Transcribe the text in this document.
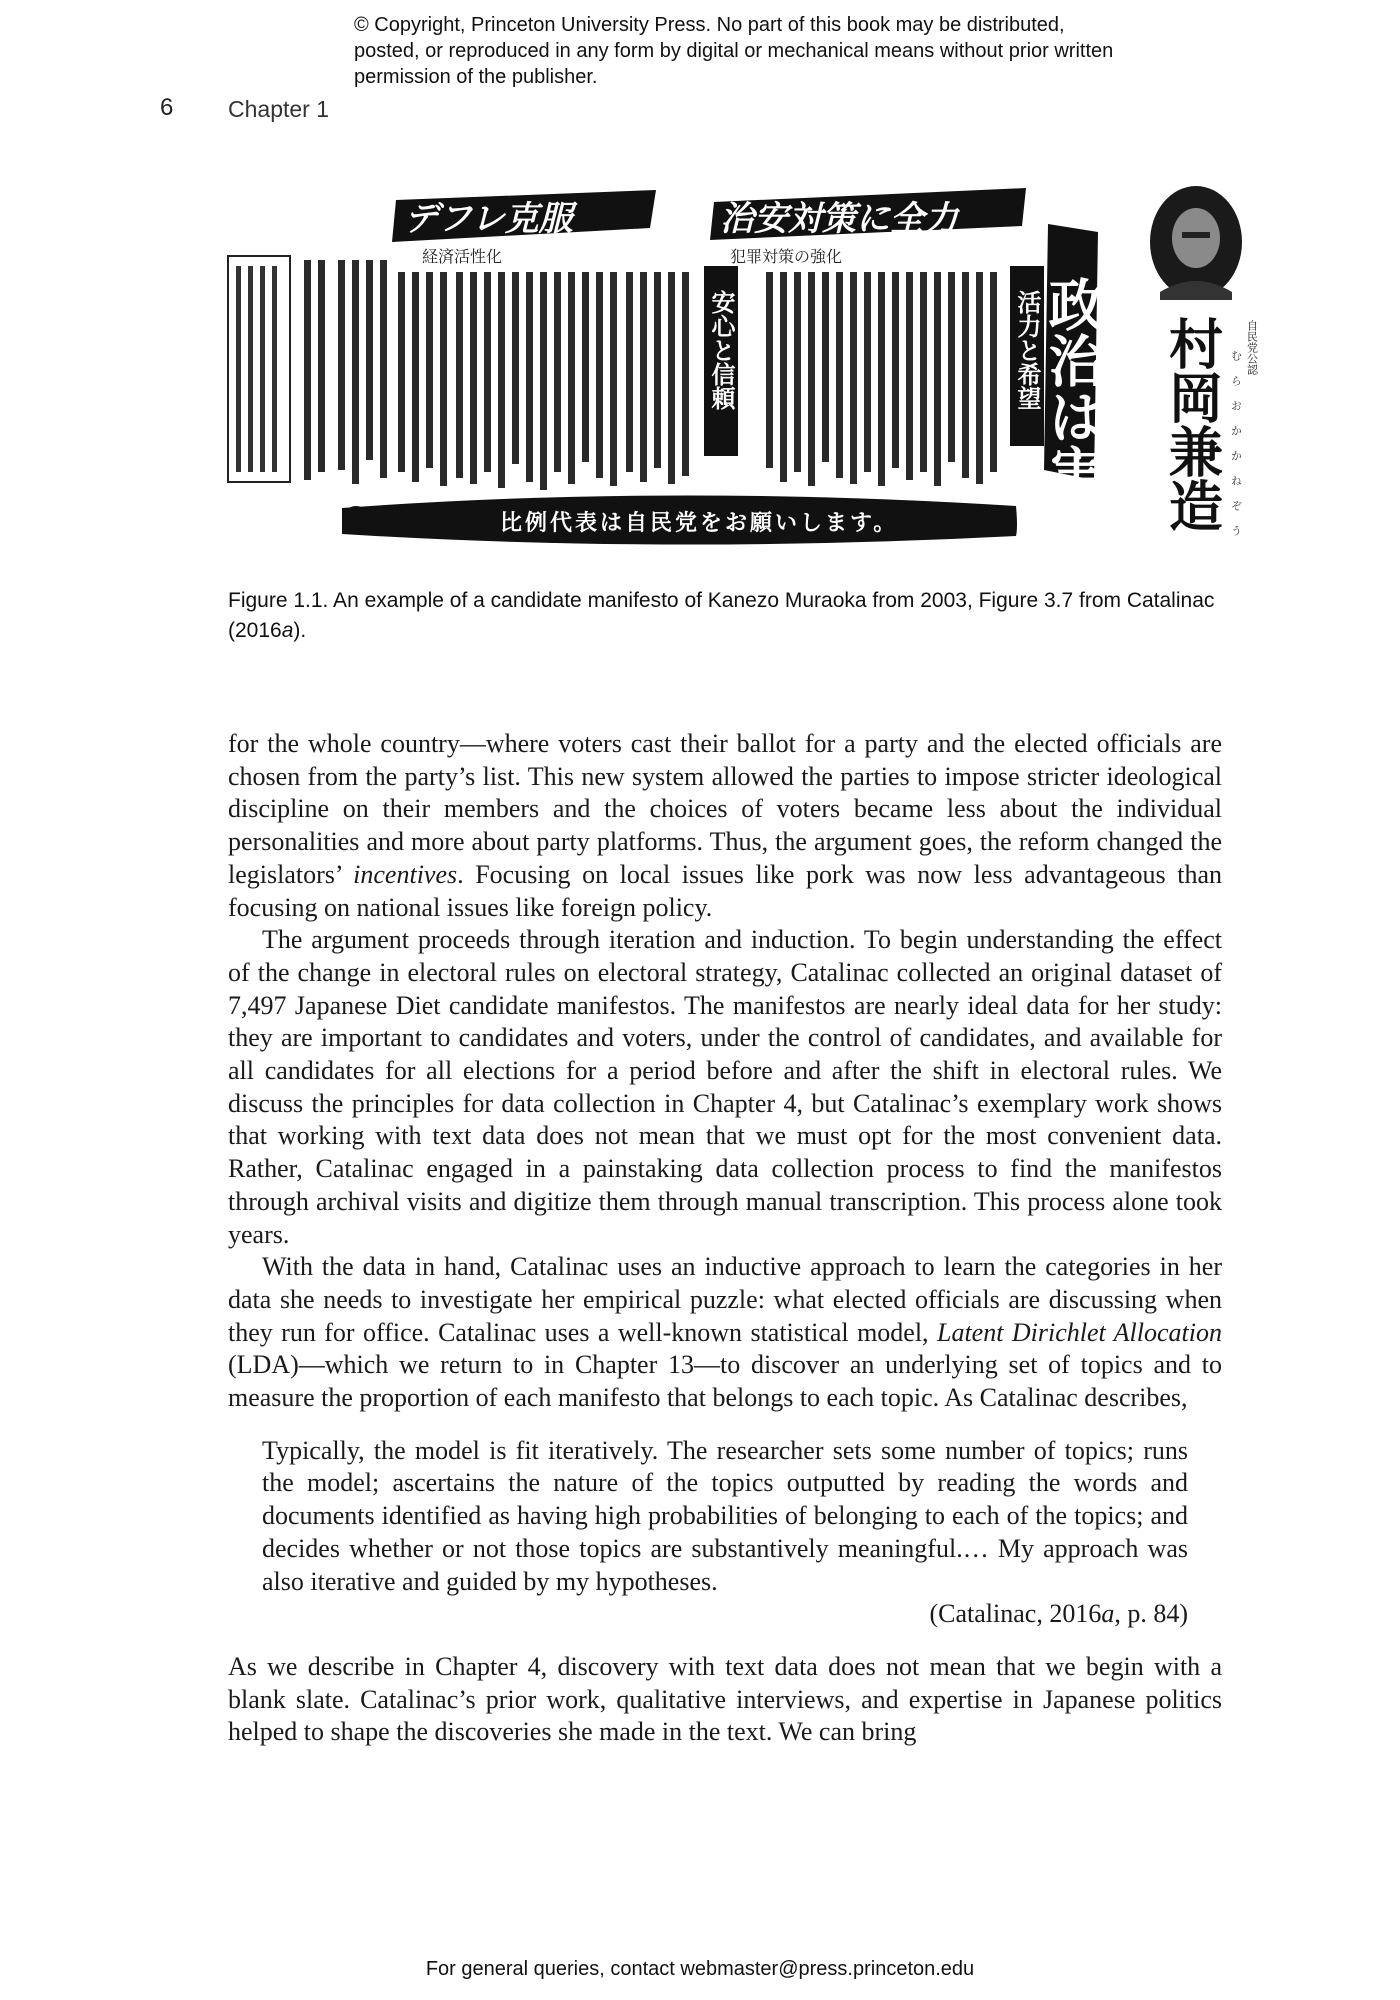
© Copyright, Princeton University Press. No part of this book may be distributed, posted, or reproduced in any form by digital or mechanical means without prior written permission of the publisher.
6 Chapter 1
デフレ克服
経済活性化
治安対策に全力
犯罪対策の強化
安心と信頼	活力と希望
政治は実行	自民党公認
村岡兼造 むらおかかねぞう
比例代表は自民党をお願いします。
Figure 1.1. An example of a candidate manifesto of Kanezo Muraoka from 2003, Figure 3.7 from Catalinac (2016a).

for the whole country—where voters cast their ballot for a party and the elected officials are chosen from the party’s list. This new system allowed the parties to impose stricter ideological discipline on their members and the choices of voters became less about the individual personalities and more about party platforms. Thus, the argument goes, the reform changed the legislators’ incentives. Focusing on local issues like pork was now less advantageous than focusing on national issues like foreign policy.

The argument proceeds through iteration and induction. To begin understanding the effect of the change in electoral rules on electoral strategy, Catalinac collected an original dataset of 7,497 Japanese Diet candidate manifestos. The manifestos are nearly ideal data for her study: they are important to candidates and voters, under the control of candidates, and available for all candidates for all elections for a period before and after the shift in electoral rules. We discuss the principles for data collection in Chapter 4, but Catalinac’s exemplary work shows that working with text data does not mean that we must opt for the most convenient data. Rather, Catalinac engaged in a painstaking data collection process to find the manifestos through archival visits and digitize them through manual transcription. This process alone took years.

With the data in hand, Catalinac uses an inductive approach to learn the categories in her data she needs to investigate her empirical puzzle: what elected officials are discussing when they run for office. Catalinac uses a well-known statistical model, Latent Dirichlet Allocation (LDA)—which we return to in Chapter 13—to discover an underlying set of topics and to measure the proportion of each manifesto that belongs to each topic. As Catalinac describes,

Typically, the model is fit iteratively. The researcher sets some number of topics; runs the model; ascertains the nature of the topics outputted by reading the words and documents identified as having high probabilities of belonging to each of the topics; and decides whether or not those topics are substantively meaningful.… My approach was also iterative and guided by my hypotheses.
(Catalinac, 2016a, p. 84)

As we describe in Chapter 4, discovery with text data does not mean that we begin with a blank slate. Catalinac’s prior work, qualitative interviews, and expertise in Japanese politics helped to shape the discoveries she made in the text. We can bring

For general queries, contact webmaster@press.princeton.edu
